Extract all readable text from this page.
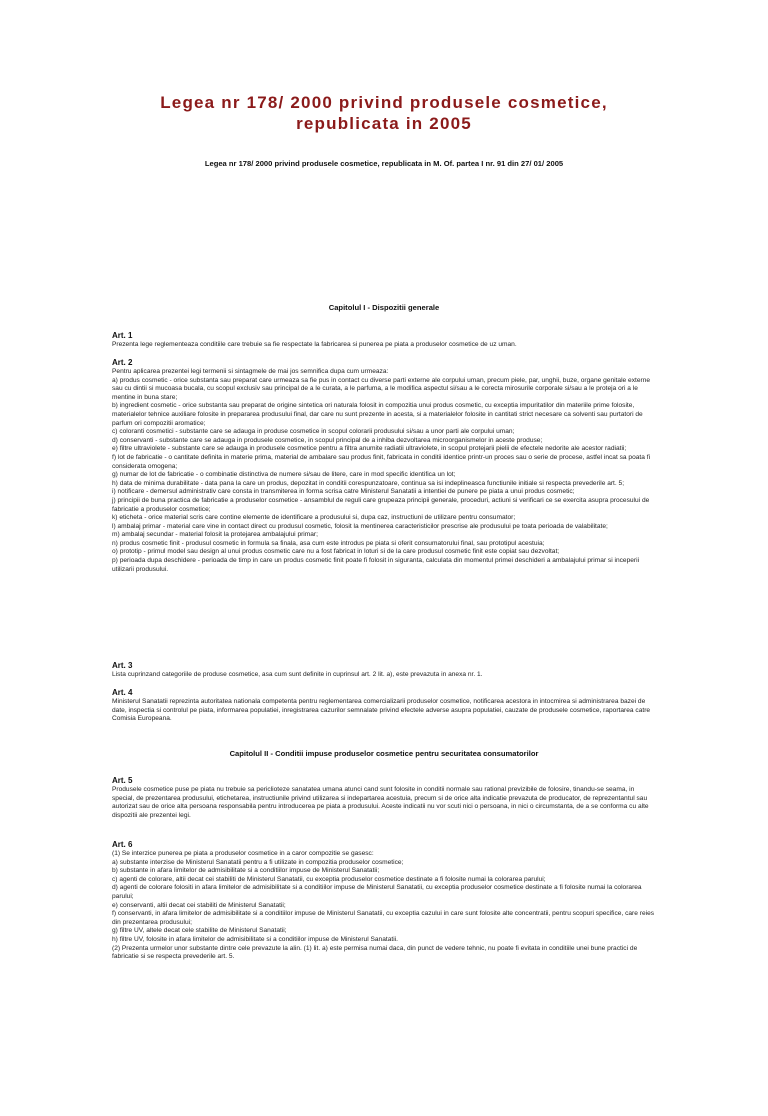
Legea nr 178/ 2000 privind produsele cosmetice, republicata in 2005
Legea nr 178/ 2000 privind produsele cosmetice, republicata in M. Of. partea I nr. 91 din 27/ 01/ 2005
Capitolul I - Dispozitii generale
Art. 1

Prezenta lege reglementeaza conditiile care trebuie sa fie respectate la fabricarea si punerea pe piata a produselor cosmetice de uz uman.

Art. 2

Pentru aplicarea prezentei legi termenii si sintagmele de mai jos semnifica dupa cum urmeaza:

a) produs cosmetic - orice substanta sau preparat care urmeaza sa fie pus in contact cu diverse parti externe ale corpului uman, precum piele, par, unghii, buze, organe genitale externe sau cu dintii si mucoasa bucala, cu scopul exclusiv sau principal de a le curata, a le parfuma, a le modifica aspectul si/sau a le corecta mirosurile corporale si/sau a le proteja ori a le mentine in buna stare;

b) ingredient cosmetic - orice substanta sau preparat de origine sintetica ori naturala folosit in compozitia unui produs cosmetic, cu exceptia impuritatilor din materiile prime folosite, materialelor tehnice auxiliare folosite in prepararea produsului final, dar care nu sunt prezente in acesta, si a materialelor folosite in cantitati strict necesare ca solventi sau purtatori de parfum ori compozitii aromatice;

c) coloranti cosmetici - substante care se adauga in produse cosmetice in scopul colorarii produsului si/sau a unor parti ale corpului uman;

d) conservanti - substante care se adauga in produsele cosmetice, in scopul principal de a inhiba dezvoltarea microorganismelor in aceste produse;

e) filtre ultraviolete - substante care se adauga in produsele cosmetice pentru a filtra anumite radiatii ultraviolete, in scopul protejarii pielii de efectele nedorite ale acestor radiatii;

f) lot de fabricatie - o cantitate definita in materie prima, material de ambalare sau produs finit, fabricata in conditii identice printr-un proces sau o serie de procese, astfel incat sa poata fi considerata omogena;

g) numar de lot de fabricatie - o combinatie distinctiva de numere si/sau de litere, care in mod specific identifica un lot;

h) data de minima durabilitate - data pana la care un produs, depozitat in conditii corespunzatoare, continua sa isi indeplineasca functiunile initiale si respecta prevederile art. 5;

i) notificare - demersul administrativ care consta in transmiterea in forma scrisa catre Ministerul Sanatatii a intentiei de punere pe piata a unui produs cosmetic;

j) principii de buna practica de fabricatie a produselor cosmetice - ansamblul de reguli care grupeaza principii generale, proceduri, actiuni si verificari ce se exercita asupra procesului de fabricatie a produselor cosmetice;

k) eticheta - orice material scris care contine elemente de identificare a produsului si, dupa caz, instructiuni de utilizare pentru consumator;

l) ambalaj primar - material care vine in contact direct cu produsul cosmetic, folosit la mentinerea caracteristicilor prescrise ale produsului pe toata perioada de valabilitate;

m) ambalaj secundar - material folosit la protejarea ambalajului primar;

n) produs cosmetic finit - produsul cosmetic in formula sa finala, asa cum este introdus pe piata si oferit consumatorului final, sau prototipul acestuia;

o) prototip - primul model sau design al unui produs cosmetic care nu a fost fabricat in loturi si de la care produsul cosmetic finit este copiat sau dezvoltat;

p) perioada dupa deschidere - perioada de timp in care un produs cosmetic finit poate fi folosit in siguranta, calculata din momentul primei deschideri a ambalajului primar si inceperii utilizarii produsului.

Art. 3

Lista cuprinzand categoriile de produse cosmetice, asa cum sunt definite in cuprinsul art. 2 lit. a), este prevazuta in anexa nr. 1.

Art. 4

Ministerul Sanatatii reprezinta autoritatea nationala competenta pentru reglementarea comercializarii produselor cosmetice, notificarea acestora in intocmirea si administrarea bazei de date, inspectia si controlul pe piata, informarea populatiei, inregistrarea cazurilor semnalate privind efectele adverse asupra populatiei, cauzate de produsele cosmetice, raportarea catre Comisia Europeana.

Capitolul II - Conditii impuse produselor cosmetice pentru securitatea consumatorilor
Art. 5

Produsele cosmetice puse pe piata nu trebuie sa periclioteze sanatatea umana atunci cand sunt folosite in conditii normale sau rational previzibile de folosire, tinandu-se seama, in special, de prezentarea produsului, etichetarea, instructiunile privind utilizarea si indepartarea acestuia, precum si de orice alta indicatie prevazuta de producator, de reprezentantul sau autorizat sau de orice alta persoana responsabila pentru introducerea pe piata a produsului. Aceste indicatii nu vor scuti nici o persoana, in nici o circumstanta, de a se conforma cu alte dispozitii ale prezentei legi.

Art. 6

(1) Se interzice punerea pe piata a produselor cosmetice in a caror compozitie se gasesc:

a) substante interzise de Ministerul Sanatatii pentru a fi utilizate in compozitia produselor cosmetice;

b) substante in afara limitelor de admisibilitate si a conditiilor impuse de Ministerul Sanatatii;

c) agenti de colorare, altii decat cei stabiliti de Ministerul Sanatatii, cu exceptia produselor cosmetice destinate a fi folosite numai la colorarea parului;

d) agenti de colorare folositi in afara limitelor de admisibilitate si a conditiilor impuse de Ministerul Sanatatii, cu exceptia produselor cosmetice destinate a fi folosite numai la colorarea parului;

e) conservanti, altii decat cei stabiliti de Ministerul Sanatatii;

f) conservanti, in afara limitelor de admisibilitate si a conditiilor impuse de Ministerul Sanatatii, cu exceptia cazului in care sunt folosite alte concentratii, pentru scopuri specifice, care reies din prezentarea produsului;

g) filtre UV, altele decat cele stabilite de Ministerul Sanatatii;

h) filtre UV, folosite in afara limitelor de admisibilitate si a conditiilor impuse de Ministerul Sanatatii.

(2) Prezenta urmelor unor substante dintre cele prevazute la alin. (1) lit. a) este permisa numai daca, din punct de vedere tehnic, nu poate fi evitata in conditiile unei bune practici de fabricatie si se respecta prevederile art. 5.
